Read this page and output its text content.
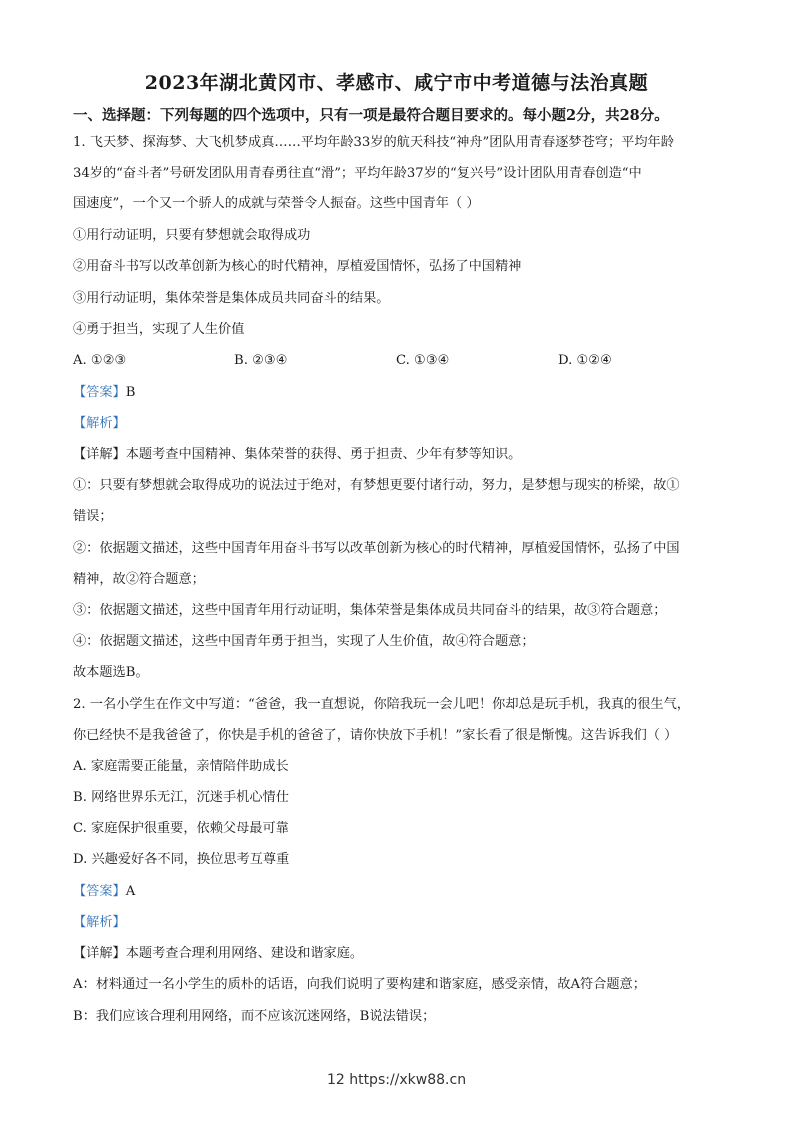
2023年湖北黄冈市、孝感市、咸宁市中考道德与法治真题
一、选择题：下列每题的四个选项中，只有一项是最符合题目要求的。每小题2分，共28分。
1. 飞天梦、探海梦、大飞机梦成真……平均年龄33岁的航天科技“神舟”团队用青春逐梦苍穹；平均年龄
34岁的“奋斗者”号研发团队用青春勇往直“滑”；平均年龄37岁的“复兴号”设计团队用青春创造“中
国速度”，一个又一个骄人的成就与荣誉令人振奋。这些中国青年（ ）
①用行动证明，只要有梦想就会取得成功
②用奋斗书写以改革创新为核心的时代精神，厚植爱国情怀，弘扬了中国精神
③用行动证明，集体荣誉是集体成员共同奋斗的结果。
④勇于担当，实现了人生价值
A. ①②③	B. ②③④	C. ①③④	D. ①②④
【答案】B
【解析】
【详解】本题考查中国精神、集体荣誉的获得、勇于担责、少年有梦等知识。
①：只要有梦想就会取得成功的说法过于绝对，有梦想更要付诸行动，努力，是梦想与现实的桥梁，故①
错误；
②：依据题文描述，这些中国青年用奋斗书写以改革创新为核心的时代精神，厚植爱国情怀，弘扬了中国
精神，故②符合题意；
③：依据题文描述，这些中国青年用行动证明，集体荣誉是集体成员共同奋斗的结果，故③符合题意；
④：依据题文描述，这些中国青年勇于担当，实现了人生价值，故④符合题意；
故本题选B。
2. 一名小学生在作文中写道：“爸爸，我一直想说，你陪我玩一会儿吧！你却总是玩手机，我真的很生气，
你已经快不是我爸爸了，你快是手机的爸爸了，请你快放下手机！”家长看了很是惭愧。这告诉我们（ ）
A. 家庭需要正能量，亲情陪伴助成长
B. 网络世界乐无江，沉迷手机心情仕
C. 家庭保护很重要，依赖父母最可靠
D. 兴趣爱好各不同，换位思考互尊重
【答案】A
【解析】
【详解】本题考查合理利用网络、建设和谐家庭。
A：材料通过一名小学生的质朴的话语，向我们说明了要构建和谐家庭，感受亲情，故A符合题意；
B：我们应该合理利用网络，而不应该沉迷网络，B说法错误；
12 https://xkw88.cn
